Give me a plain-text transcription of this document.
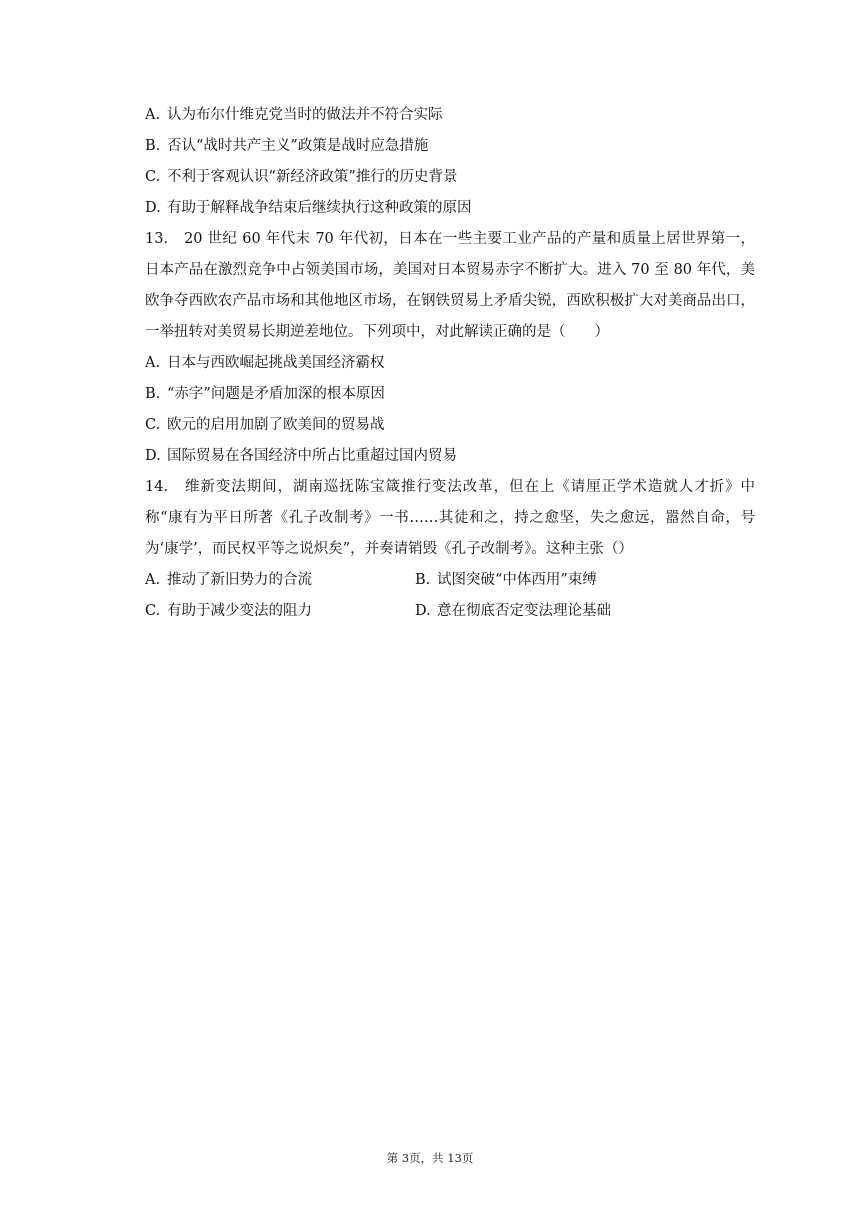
A. 认为布尔什维克党当时的做法并不符合实际
B. 否认“战时共产主义”政策是战时应急措施
C. 不利于客观认识“新经济政策”推行的历史背景
D. 有助于解释战争结束后继续执行这种政策的原因
13. 20 世纪 60 年代末 70 年代初，日本在一些主要工业产品的产量和质量上居世界第一，日本产品在激烈竞争中占领美国市场，美国对日本贸易赤字不断扩大。进入 70 至 80 年代，美欧争夺西欧农产品市场和其他地区市场，在钢铁贸易上矛盾尖锐，西欧积极扩大对美商品出口，一举扭转对美贸易长期逆差地位。下列项中，对此解读正确的是（　　）
A. 日本与西欧崛起挑战美国经济霸权
B. “赤字”问题是矛盾加深的根本原因
C. 欧元的启用加剧了欧美间的贸易战
D. 国际贸易在各国经济中所占比重超过国内贸易
14. 维新变法期间，湖南巡抚陈宝箴推行变法改革，但在上《请厘正学术造就人才折》中称“康有为平日所著《孔子改制考》一书……其徒和之，持之愈坚，失之愈远，嚣然自命，号为‘康学’，而民权平等之说炽矣”，并奏请销毁《孔子改制考》。这种主张（）
A. 推动了新旧势力的合流	B. 试图突破“中体西用”束缚
C. 有助于减少变法的阻力	D. 意在彻底否定变法理论基础
第 3页，共 13页
